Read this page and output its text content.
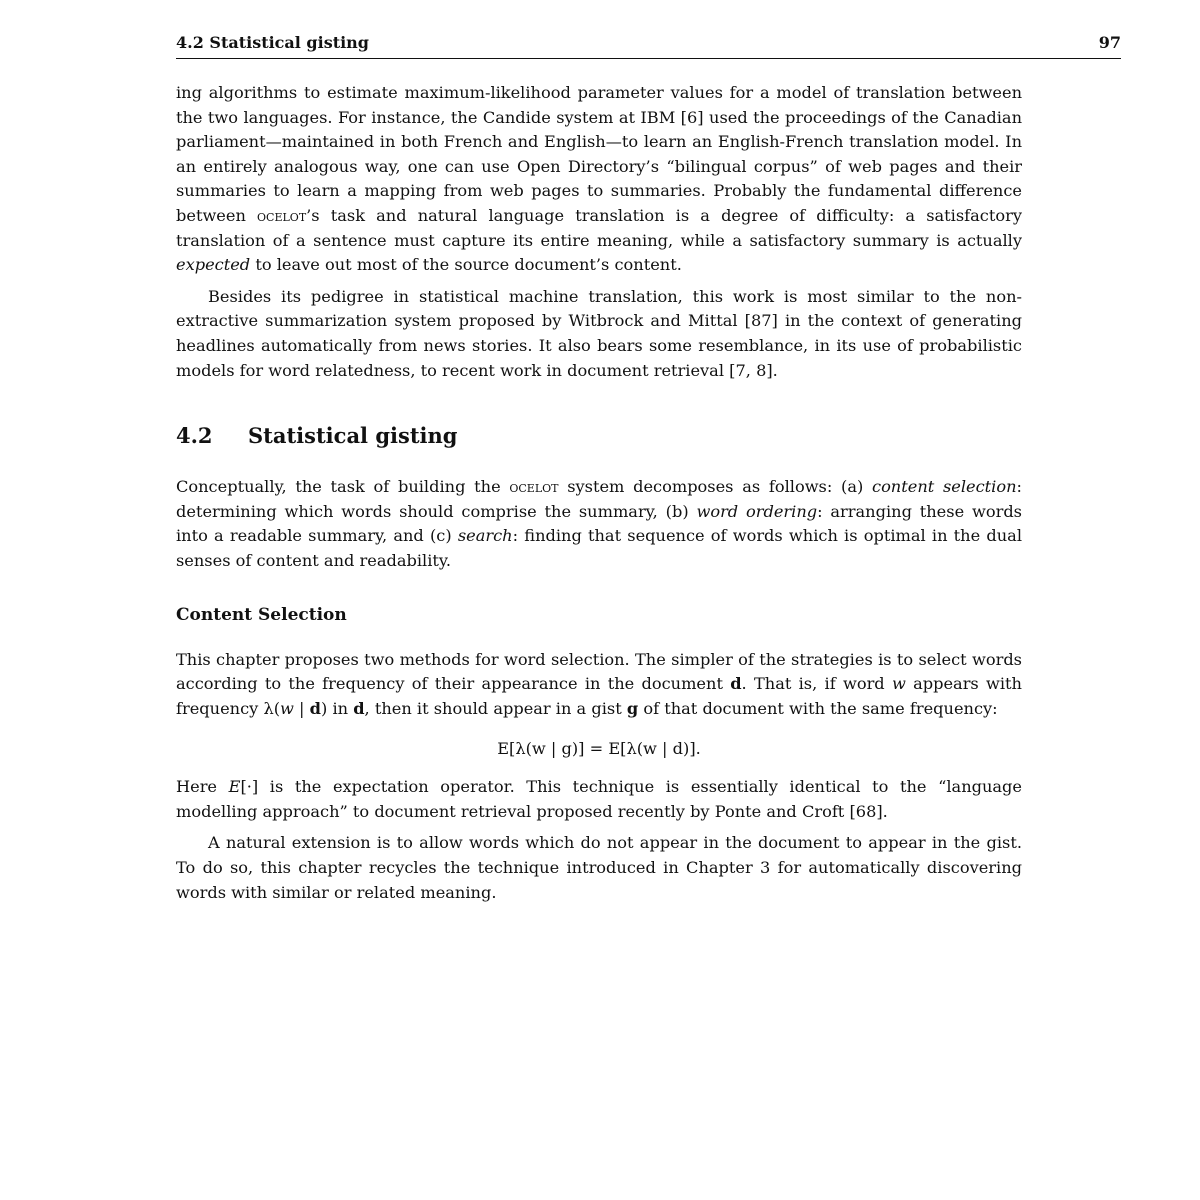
4.2 Statistical gisting	97

ing algorithms to estimate maximum-likelihood parameter values for a model of translation between the two languages. For instance, the Candide system at IBM [6] used the proceedings of the Canadian parliament—maintained in both French and English—to learn an English-French translation model. In an entirely analogous way, one can use Open Directory’s “bilingual corpus” of web pages and their summaries to learn a mapping from web pages to summaries. Probably the fundamental difference between ocelot’s task and natural language translation is a degree of difficulty: a satisfactory translation of a sentence must capture its entire meaning, while a satisfactory summary is actually expected to leave out most of the source document’s content.

Besides its pedigree in statistical machine translation, this work is most similar to the non-extractive summarization system proposed by Witbrock and Mittal [87] in the context of generating headlines automatically from news stories. It also bears some resemblance, in its use of probabilistic models for word relatedness, to recent work in document retrieval [7, 8].

4.2 Statistical gisting

Conceptually, the task of building the ocelot system decomposes as follows: (a) content selection: determining which words should comprise the summary, (b) word ordering: arranging these words into a readable summary, and (c) search: finding that sequence of words which is optimal in the dual senses of content and readability.

Content Selection

This chapter proposes two methods for word selection. The simpler of the strategies is to select words according to the frequency of their appearance in the document d. That is, if word w appears with frequency λ(w | d) in d, then it should appear in a gist g of that document with the same frequency:

E[λ(w | g)] = E[λ(w | d)].

Here E[·] is the expectation operator. This technique is essentially identical to the “language modelling approach” to document retrieval proposed recently by Ponte and Croft [68].

A natural extension is to allow words which do not appear in the document to appear in the gist. To do so, this chapter recycles the technique introduced in Chapter 3 for automatically discovering words with similar or related meaning.
